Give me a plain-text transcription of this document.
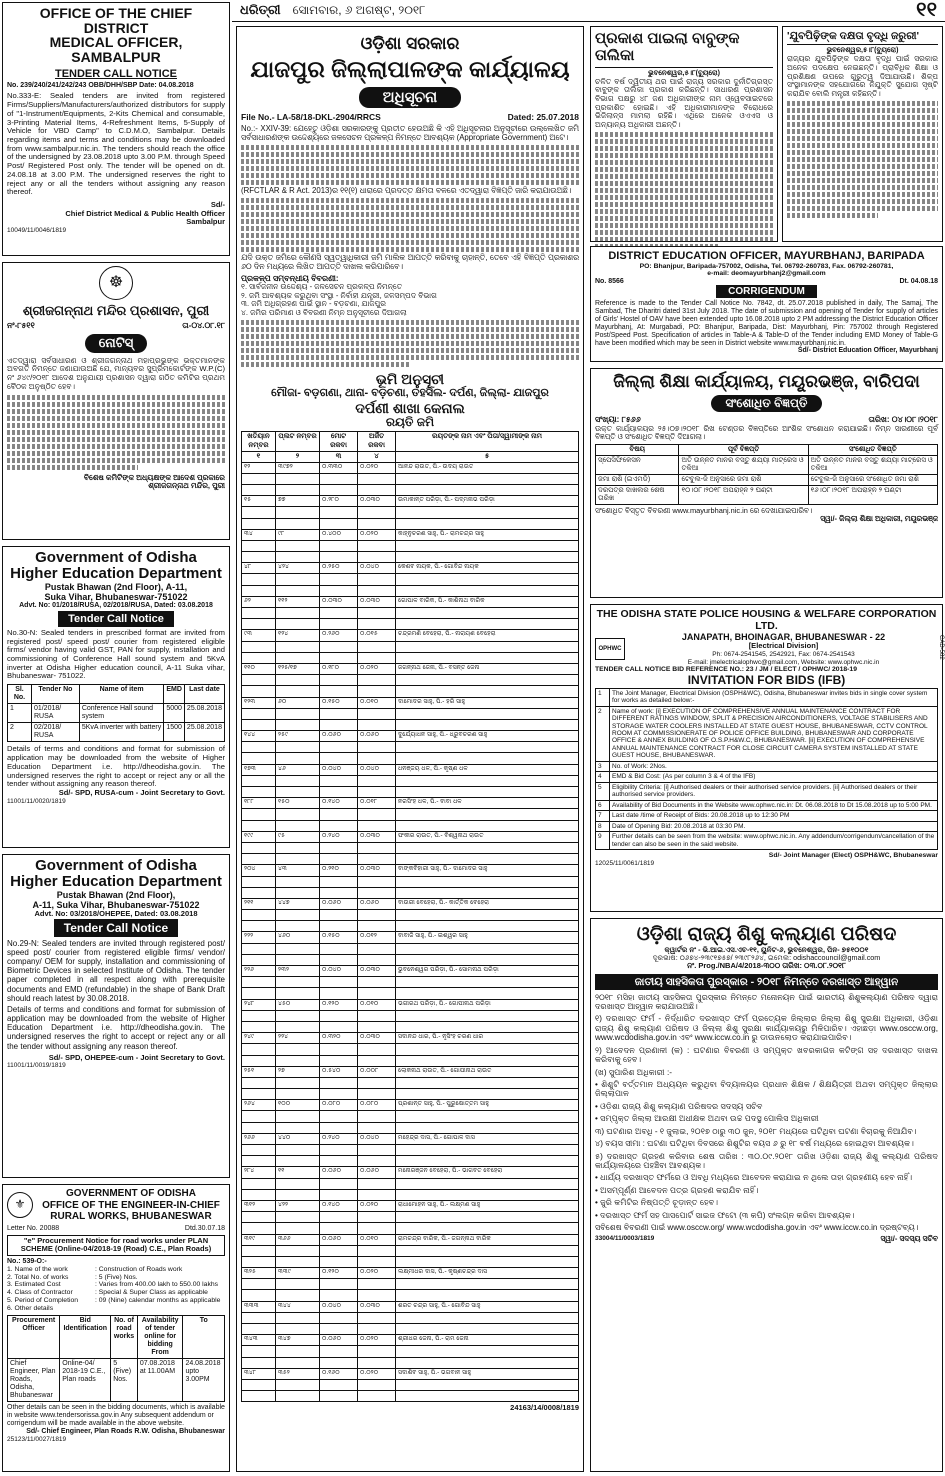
ଧରିତ୍ରୀ ସୋମବାର, ୬ ଅଗଷ୍ଟ, ୨୦୧୮	୧୧
OFFICE OF THE CHIEF DISTRICT
MEDICAL OFFICER, SAMBALPUR
TENDER CALL NOTICE
No. 239/240/241/242/243 OBB/DHH/SBP Date: 04.08.2018
No.333-E: Sealed tenders are invited from registered Firms/Suppliers/Manufacturers/authorized distributors for supply of "1-Instrument/Equipments, 2-Kits Chemical and consumable, 3-Printing Material Items, 4-Refreshment Items, 5-Supply of Vehicle for VBD Camp" to C.D.M.O, Sambalpur. Details regarding items and terms and conditions may be downloaded from www.sambalpur.nic.in. The tenders should reach the office of the undersigned by 23.08.2018 upto 3.00 P.M. through Speed Post/ Registered Post only. The tender will be opened on dt. 24.08.18 at 3.00 P.M. The undersigned reserves the right to reject any or all the tenders without assigning any reason thereof.
Sd/-
Chief District Medical & Public Health Officer
Sambalpur
10049/11/0046/1819
☸
ଶ୍ରୀଜଗନ୍ନାଥ ମନ୍ଦିର ପ୍ରଶାସନ, ପୁରୀ
ନଂ-୮୫୧୧	ତା-୦୪.୦୮.୧୮
ନୋଟିସ୍
ଏତଦ୍ୱାରା ସର୍ବସାଧାରଣ ଓ ଶ୍ରୀଜଗନ୍ନାଥ ମହାପ୍ରଭୁଙ୍କ ଭକ୍ତମାନଙ୍କ ଅବଗତି ନିମନ୍ତେ ଜଣାଯାଉଅଛି ଯେ, ମାନ୍ୟବର ସୁପ୍ରିମକୋର୍ଟଙ୍କ W.P.(C) ନଂ ୬୪୯/୨୦୧୮ ଆଦେଶ ଅନୁଯାୟୀ ପ୍ରଶାସନ ଦ୍ୱାରା ଗଠିତ କମିଟିର ପ୍ରଥମ ବୈଠକ ଅନୁଷ୍ଠିତ ହେବ।
ବିଶେଷ କମିଟିଙ୍କ ଅଧ୍ୟକ୍ଷଙ୍କ ଆଦେଶ ପ୍ରକାରେ
ଶ୍ରୀଜଗନ୍ନାଥ ମନ୍ଦିର, ପୁରୀ
Government of Odisha
Higher Education Department
Pustak Bhawan (2nd Floor), A-11,
Suka Vihar, Bhubaneswar-751022
Advt. No: 01/2018/RUSA, 02/2018/RUSA, Dated: 03.08.2018
Tender Call Notice
No.30-N: Sealed tenders in prescribed format are invited from registered post/ speed post/ courier from registered eligible firms/ vendor having valid GST, PAN for supply, installation and commissioning of Conference Hall sound system and 5KvA inverter at Odisha Higher education council, A-11 Suka vihar, Bhubaneswar- 751022.
Sl. No.	Tender No	Name of item	EMD	Last date
1	01/2018/ RUSA	Conference Hall sound system	5000	25.08.2018
2	02/2018/ RUSA	5KvA inverter with battery	1500	25.08.2018
Details of terms and conditions and format for submission of application may be downloaded from the website of Higher Education Department i.e. http://dheodisha.gov.in. The undersigned reserves the right to accept or reject any or all the tender without assigning any reason thereof.
Sd/- SPD, RUSA-cum - Joint Secretary to Govt.
11001/11/0020/1819
Government of Odisha
Higher Education Department
Pustak Bhawan (2nd Floor),
A-11, Suka Vihar, Bhubaneswar-751022
Advt. No: 03/2018/OHEPEE, Dated: 03.08.2018
Tender Call Notice
No.29-N: Sealed tenders are invited through registered post/ speed post/ courier from registered eligible firms/ vendor/ company/ OEM for supply, installation and commissioning of Biometric Devices in selected Institute of Odisha. The tender paper completed in all respect along with prerequisite documents and EMD (refundable) in the shape of Bank Draft should reach latest by 30.08.2018.
Details of terms and conditions and format for submission of application may be downloaded from the website of Higher Education Department i.e. http://dheodisha.gov.in. The undersigned reserves the right to accept or reject any or all the tender without assigning any reason thereof.
Sd/- SPD, OHEPEE-cum - Joint Secretary to Govt.
11001/11/0019/1819
⚜
GOVERNMENT OF ODISHA
OFFICE OF THE ENGINEER-IN-CHIEF
RURAL WORKS, BHUBANESWAR
Letter No. 20088	Dtd.30.07.18
"e" Procurement Notice for road works under PLAN SCHEME (Online-04/2018-19 (Road) C.E., Plan Roads)
No.: 539-O:-
1. Name of the work	: Construction of Roads work
2. Total No. of works	: 5 (Five) Nos.
3. Estimated Cost	: Varies from 400.00 lakh to 550.00 lakhs
4. Class of Contractor	: Special & Super Class as applicable
5. Period of Completion	: 09 (Nine) calendar months as applicable
6. Other details
Procurement Officer	Bid Identification	No. of road works	Availability of tender online for bidding From	To
Chief Engineer, Plan Roads, Odisha, Bhubaneswar	Online-04/ 2018-19 C.E., Plan roads	5 (Five) Nos.	07.08.2018 at 11.00AM	24.08.2018 upto 3.00PM
Other details can be seen in the bidding documents, which is available in website www.tendersorissa.gov.in Any subsequent addendum or corrigendum will be made available in the above website.
Sd/- Chief Engineer, Plan Roads R.W. Odisha, Bhubaneswar
25123/11/0027/1819
ଓଡ଼ିଶା ସରକାର
ଯାଜପୁର ଜିଲ୍ଲାପାଳଙ୍କ କାର୍ଯ୍ୟାଳୟ
ଅଧିସୂଚନା
File No.- LA-58/18-DKL-2904/RRCS	Dated: 25.07.2018
No.:- XXIV-39: ଯେହେତୁ ଓଡ଼ିଶା ସରକାରଙ୍କୁ ପ୍ରତୀତ ହେଉଅଛି କି ଏହି ଅଧିସୂଚନାର ଅନୁସୂଚୀରେ ଉଲ୍ଲେଖିତ ଜମି ସର୍ବସାଧାରଣଙ୍କ ଉଦ୍ଦେଶ୍ୟରେ ଜଳସେଚନ ପ୍ରକଳ୍ପ ନିମନ୍ତେ ଆବଶ୍ୟକ (Appropriate Government) ଅଟେ।
(RFCTLAR & R Act. 2013)ର ୧୧(୧) ଧାରାରେ ପ୍ରଦତ୍ତ କ୍ଷମତା ବଳରେ ଏତଦ୍ୱାରା ବିଜ୍ଞପ୍ତି ଜାରି କରାଯାଉଅଛି।
ଯଦି ଉକ୍ତ ଜମିରେ କୌଣସି ସ୍ୱତ୍ୱାଧିକାରୀ ଜମି ମାଲିକ ଆପତ୍ତି କରିବାକୁ ଚାହାନ୍ତି, ତେବେ ଏହି ବିଜ୍ଞପ୍ତି ପ୍ରକାଶର ୬୦ ଦିନ ମଧ୍ୟରେ ଲିଖିତ ଆପତ୍ତି ଦାଖଲ କରିପାରିବେ।
ପ୍ରକଳ୍ପ ସମ୍ବନ୍ଧୀୟ ବିବରଣୀ:
୧. ସାର୍ବଜନୀନ ଉଦ୍ଦେଶ୍ୟ - ଜଳସେଚନ ପ୍ରକଳ୍ପ ନିମନ୍ତେ
୨. ଜମି ଆବଶ୍ୟକ କରୁଥିବା ସଂସ୍ଥା - ନିର୍ବାହୀ ଯନ୍ତ୍ରୀ, ଜଳସମ୍ପଦ ବିଭାଗ
୩. ଜମି ଅଧିଗ୍ରହଣ ପାଇଁ ସ୍ଥାନ - ବଡ଼ଚଣା, ଯାଜପୁର
୪. ଜମିର ପରିମାଣ ଓ ବିବରଣୀ ନିମ୍ନ ଅନୁସୂଚୀରେ ଦିଆଗଲା
ଭୂମି ଅନୁସୂଚୀ
ମୌଜା- ବଡ଼ଗଣା, ଥାନା- ବଡ଼ଚଣା, ତହସିଲ- ଦର୍ପଣ, ଜିଲ୍ଲା- ଯାଜପୁର
ଦର୍ପଣୀ ଶାଖା କେନାଲ
ରୟତି ଜମି
ଖତିୟାନ ନମ୍ବର	ପ୍ଲଟ ନମ୍ବର	ମୋଟ ରକବା	ଅର୍ଜିତ ରକବା	ରୟତଙ୍କ ନାମ ଏବଂ ପିତା/ସ୍ୱାମୀଙ୍କ ନାମ
୧	୨	୩	୪	୫
୧୨	୩୯୭୨	୦.୩୩୦	୦.୦୨୦	ଆନନ୍ଦ ରାଉତ, ପି.- ଉଦୟ ରାଉତ

୧୫	୭୭	୦.୨୮୦	୦.୦୩୦	ଉମାକାନ୍ତ ପରିଡ଼ା, ପି.- ପଦ୍ମନାଭ ପରିଡ଼ା

୩୪	୯୮	୦.୪୦୦	୦.୦୨୦	କାହ୍ନୁଚରଣ ସାହୁ, ପି.- ରାମଚନ୍ଦ୍ର ସାହୁ

୪୮	୪୨୪	୦.୨୫୦	୦.୦୪୦	କେଶବ ନାୟକ, ପି.- ଗୋବିନ୍ଦ ନାୟକ

୬୨	୧୧୨	୦.୦୩୦	୦.୦୩୦	ଗୋପାଳ ବାରିକ, ପି.- କାଶିନାଥ ବାରିକ

୯୩	୧୨୪	୦.୨୬୦	୦.୦୧୫	ଚନ୍ଦ୍ରମଣି ବେହେରା, ପି.- ନାରାୟଣ ବେହେରା

୧୧୦	୧୨୫/୧୭	୦.୧୮୦	୦.୦୨୦	ଜଗନ୍ନାଥ ଜେନା, ପି.- ବସନ୍ତ ଜେନା

୧୨୩	୬୦	୦.୧୫୦	୦.୦୧୦	ଦାମୋଦର ସାହୁ, ପି.- ହରି ସାହୁ

୧୪୪	୨୫୯	୦.୦୬୦	୦.୦୬୦	ଦୁର୍ଯ୍ୟୋଧନ ସାହୁ, ପି.- ଧ୍ରୁବଚରଣ ସାହୁ

୧୭୩	୪୬	୦.୦୪୦	୦.୦୪୦	ଧନଞ୍ଜୟ ଧଳ, ପି.- କୃଷ୍ଣ ଧଳ

୧୮୮	୧୫୦	୦.୧୪୦	୦.୦୧୮	ନରସିଂହ ଧଳ, ପି.- ବାବା ଧଳ

୧୯୯	୯୫	୦.୨୪୦	୦.୦୩୦	ଫକୀର ରାଉତ, ପି.- ବିଶ୍ୱନାଥ ରାଉତ

୨୦୪	୪୩	୦.୨୧୦	୦.୦୩୦	ବାଙ୍କବିହାରୀ ସାହୁ, ପି.- ଦାମୋଦର ସାହୁ

୨୧୧	୪୪୭	୦.୦୬୦	୦.୦୬୦	ବାଉରୀ ବେହେରା, ପି.- କାର୍ତ୍ତିକ ବେହେରା

୨୨୨	୪୬୦	୦.୧୫୦	୦.୦୧୨	ବାବାଜି ସାହୁ, ପି.- ଇଶ୍ୱର ସାହୁ

୨୨୬	୨୩୨	୦.୦୪୦	୦.୦୩୦	ଭୁବନେଶ୍ୱର ପରିଡ଼ା, ପି.- ସୋମନାଥ ପରିଡ଼ା

୨୪୮	୪୫୦	୦.୧୨୦	୦.୦୧୦	ଭଗୀରଥ ପରିଡ଼ା, ପି.- ଗୋପୀନାଥ ପରିଡ଼ା

୨୪୯	୨୨୪	୦.୩୨୦	୦.୦୩୦	ସଦାନନ୍ଦ ଧାର, ପି.- ନୃସିଂହ ଚରଣ ଧାର

୨୫୧	୨୭	୦.୫୪୦	୦.୦୦୮	ଲୋକନାଥ ରାଉତ, ପି.- ଗୋପୀନାଥ ରାଉତ

୨୬୪	୧୦୦	୦.୦୮୦	୦.୦୮୦	ପ୍ରଶାନ୍ତ ସାହୁ, ପି.- ପୁରୁଷୋତ୍ତମ ସାହୁ

୨୬୬	୪୪୦	୦.୨୪୦	୦.୦୪୦	ମହେନ୍ଦ୍ର ଦାସ, ପି.- ଗୋପାଳ ଦାସ

୨୮୪	୧୧	୦.୦୬୦	୦.୦୬୦	ମନୋରଞ୍ଜନ ବେହେରା, ପି.- ଭାଗବତ ବେହେରା

୩୧୨	୪୨୨	୦.୧୪୦	୦.୦୨୦	ରାଧାମୋହନ ସାହୁ, ପି.- ଲକ୍ଷ୍ମଣ ସାହୁ

୩୧୯	୩୬୬	୦.୦୬୦	୦.୦୧୦	ରାମଚନ୍ଦ୍ର ବାରିକ, ପି.- ଜଗନ୍ନାଥ ବାରିକ

୩୨୫	୩୩୯	୦.୧୨୦	୦.୦୨୦	ଲକ୍ଷ୍ମୀଧର ଦାସ, ପି.- କୃଷ୍ଣଚନ୍ଦ୍ର ଦାସ

୩୩୩	୩୪୪	୦.୦୪୦	୦.୦୩୦	ଶରତ ଚନ୍ଦ୍ର ସାହୁ, ପି.- ଗୋବିନ୍ଦ ସାହୁ

୩୪୩	୩୪୭	୦.୦୬୦	୦.୦୨୦	ଶ୍ରୀଧର ଜେନା, ପି.- ରାମ ଜେନା

୩୪୮	୩୫୨	୦.୧୬୦	୦.୦୨୦	ସଦାଶିବ ସାହୁ, ପି.- ଭଗବାନ ସାହୁ

24163/14/0008/1819
ପ୍ରକାଶ ପାଇଲା ବାବୁଙ୍କ ତାଲିକା
ଭୁବନେଶ୍ୱର,୫।୮(ବ୍ୟୁରୋ)
ଚଳିତ ବର୍ଷ ଦ୍ୱିତୀୟ ଥର ପାଇଁ ରାଜ୍ୟ ସରକାର ଦୁର୍ନୀତିଗ୍ରସ୍ତ ବାବୁଙ୍କ ତାଲିକା ପ୍ରକାଶ କରିଛନ୍ତି। ସାଧାରଣ ପ୍ରଶାସନ ବିଭାଗ ପକ୍ଷରୁ ୪୮ ଜଣ ଅଧିକାରୀଙ୍କ ନାମ ଓ୍ୱେବସାଇଟରେ ପ୍ରକାଶିତ ହୋଇଛି। ଏହି ଅଧିକାରୀମାନଙ୍କ ବିରୋଧରେ ଭିଜିଲାନ୍ସ ମାମଲା ରହିଛି। ଏଥିରେ ଅନେକ ଓଏଏସ ଓ ଅନ୍ୟାନ୍ୟ ଅଧିକାରୀ ଅଛନ୍ତି।
'ଯୁବପିଢ଼ିଙ୍କ ଦକ୍ଷତା ବୃଦ୍ଧି ଜରୁରୀ'
ଭୁବନେଶ୍ୱର,୫।୮(ବ୍ୟୁରୋ)
ରାଜ୍ୟର ଯୁବପିଢ଼ିଙ୍କ ଦକ୍ଷତା ବୃଦ୍ଧି ପାଇଁ ସରକାର ଅନେକ ପଦକ୍ଷେପ ନେଇଛନ୍ତି। ପ୍ରାବିଧିକ ଶିକ୍ଷା ଓ ପ୍ରଶିକ୍ଷଣ ଉପରେ ଗୁରୁତ୍ୱ ଦିଆଯାଉଛି। ଶିଳ୍ପ ସଂସ୍ଥାମାନଙ୍କ ସହଯୋଗରେ ନିଯୁକ୍ତି ସୁଯୋଗ ସୃଷ୍ଟି କରାଯିବ ବୋଲି ମନ୍ତ୍ରୀ କହିଛନ୍ତି।
DISTRICT EDUCATION OFFICER, MAYURBHANJ, BARIPADA
PO: Bhanjpur, Baripada-757002, Odisha, Tel. 06792-260783, Fax. 06792-260781,
e-mail: deomayurbhanj2@gmail.com
No. 8566	Dt. 04.08.18
CORRIGENDUM
Reference is made to the Tender Call Notice No. 7842, dt. 25.07.2018 published in daily, The Samaj, The Sambad, The Dharitri dated 31st July 2018. The date of submission and opening of Tender for supply of articles of Girls' Hostel of OAV have been extended upto 16.08.2018 upto 2 PM addressing the District Education Officer Mayurbhanj, At: Murgabadi, PO: Bhanjpur, Baripada, Dist: Mayurbhanj, Pin: 757002 through Registered Post/Speed Post. Specification of articles in Table-A & Table-D of the Tender including EMD Money of Table-G have been modified which may be seen in District website www.mayurbhanj.nic.in.
Sd/- District Education Officer, Mayurbhanj
ଜିଲ୍ଲା ଶିକ୍ଷା କାର୍ଯ୍ୟାଳୟ, ମୟୂରଭଞ୍ଜ, ବାରିପଦା
ସଂଶୋଧିତ ବିଜ୍ଞପ୍ତି
ସଂଖ୍ୟା: ୮୫୬୬	ତାରିଖ: ୦୪।୦୮।୨୦୧୮
ଉକ୍ତ କାର୍ଯ୍ୟାଳୟର ୨୫।୦୭।୨୦୧୮ ରିଖ ଟେଣ୍ଡର ବିଜ୍ଞପ୍ତିରେ ଆଂଶିକ ସଂଶୋଧନ କରାଯାଇଛି। ନିମ୍ନ ସାରଣୀରେ ପୂର୍ବ ବିଜ୍ଞପ୍ତି ଓ ସଂଶୋଧିତ ବିଜ୍ଞପ୍ତି ଦିଆଗଲା।
ବିଷୟ	ପୂର୍ବ ବିଜ୍ଞପ୍ତି	ସଂଶୋଧିତ ବିଜ୍ଞପ୍ତି
ସ୍ପେସିଫିକେସନ	ଅତି ଉନ୍ନତ ମାନର ବସ୍ତୁ ଶଯ୍ୟା ମାଟ୍ରେସ ଓ ତକିଆ	ଅତି ଉନ୍ନତ ମାନର ବସ୍ତୁ ଶଯ୍ୟା ମାଟ୍ରେସ ଓ ତକିଆ
ଜମା ରାଶି (ଇଏମଡି)	ଟେବୁଲ-ଜି ଅନୁସାରେ ଜମା ରାଶି	ଟେବୁଲ-ଜି ଅନୁସାରେ ସଂଶୋଧିତ ଜମା ରାଶି
ଦରପତ୍ର ଦାଖଲର ଶେଷ ତାରିଖ	୧୦।୦୮।୨୦୧୮ ଅପରାହ୍ନ ୨ ଘଣ୍ଟା	୧୬।୦୮।୨୦୧୮ ଅପରାହ୍ନ ୨ ଘଣ୍ଟା
ସଂଶୋଧିତ ବିସ୍ତୃତ ବିବରଣୀ www.mayurbhanj.nic.in ରେ ଦେଖାଯାଇପାରିବ।
ସ୍ୱା/- ଜିଲ୍ଲା ଶିକ୍ଷା ଅଧିକାରୀ, ମୟୂରଭଞ୍ଜ
THE ODISHA STATE POLICE HOUSING & WELFARE CORPORATION LTD.
OPHWC
JANAPATH, BHOINAGAR, BHUBANESWAR - 22
[Electrical Division]
Ph: 0674-2541545, 2542921, Fax: 0674-2541543
E-mail: jmelectricalophwc@gmail.com, Website: www.ophwc.nic.in
TENDER CALL NOTICE BID REFERENCE NO.: 23 / JM / ELECT / OPHWC/ 2018-19
INVITATION FOR BIDS (IFB)
1	The Joint Manager, Electrical Division (OSPH&WC), Odisha, Bhubaneswar invites bids in single cover system for works as detailed below:-
2	Name of work: [i] EXECUTION OF COMPREHENSIVE ANNUAL MAINTENANCE CONTRACT FOR DIFFERENT RATINGS WINDOW, SPLIT & PRECISION AIRCONDITIONERS, VOLTAGE STABILISERS AND STORAGE WATER COOLERS INSTALLED AT STATE GUEST HOUSE, BHUBANESWAR, CCTV CONTROL ROOM AT COMMISSIONERATE OF POLICE OFFICE BUILDING, BHUBANESWAR AND CORPORATE OFFICE & ANNEX BUILDING OF O.S.P.H&W.C, BHUBANESWAR. [ii] EXECUTION OF COMPREHENSIVE ANNUAL MAINTENANCE CONTRACT FOR CLOSE CIRCUIT CAMERA SYSTEM INSTALLED AT STATE GUEST HOUSE, BHUBANESWAR.
3	No. of Work: 2Nos.
4	EMD & Bid Cost: (As per column 3 & 4 of the IFB)
5	Eligibility Criteria: [i] Authorised dealers or their authorised service providers. [ii] Authorised dealers or their authorised service providers.
6	Availability of Bid Documents in the Website www.ophwc.nic.in: Dt. 06.08.2018 to Dt 15.08.2018 up to 5:00 PM.
7	Last date /time of Receipt of Bids: 20.08.2018 up to 12:30 PM
8	Date of Opening Bid: 20.08.2018 at 03:30 PM.
9	Further details can be seen from the website: www.ophwc.nic.in. Any addendum/corrigendum/cancellation of the tender can also be seen in the said website.
Sd/- Joint Manager (Elect) OSPH&WC, Bhubaneswar
12025/11/0061/1819
CAD-582
ଓଡ଼ିଶା ରାଜ୍ୟ ଶିଶୁ କଲ୍ୟାଣ ପରିଷଦ
କ୍ୱାର୍ଟର ନଂ - ଭି.ଆଇ.ଏସ.ଏଚ-୧୧, ୟୁନିଟ-୬, ଭୁବନେଶ୍ୱର, ପିନ- ୭୫୧୦୦୧
ଦୂରଭାଷ: ୦୬୭୪-୨୩୯୧୭୫୭/ ୨୩୯୮୨୬୪, ଇମେଲ: odishaccouncil@gmail.com
ନଂ. Prog./NBA/4/2018-୩୦୦ ତାରିଖ: ୦୩.୦୮.୨୦୧୮
ଜାତୀୟ ସାହସିକତା ପୁରସ୍କାର - ୨୦୧୮ ନିମନ୍ତେ ଦରଖାସ୍ତ ଆହ୍ୱାନ
୨୦୧୮ ମସିହା ଜାତୀୟ ସାହସିକତା ପୁରସ୍କାର ନିମନ୍ତେ ମନୋନୟନ ପାଇଁ ଭାରତୀୟ ଶିଶୁକଲ୍ୟାଣ ପରିଷଦ ଦ୍ୱାରା ଦରଖାସ୍ତ ଆହ୍ୱାନ କରାଯାଉଅଛି।
୧) ଦରଖାସ୍ତ ଫର୍ମ - ନିର୍ଦ୍ଧାରିତ ଦରଖାସ୍ତ ଫର୍ମ ପ୍ରତ୍ୟେକ ଜିଲ୍ଲାର ଜିଲ୍ଲା ଶିଶୁ ସୁରକ୍ଷା ଅଧିକାରୀ, ଓଡ଼ିଶା ରାଜ୍ୟ ଶିଶୁ କଲ୍ୟାଣ ପରିଷଦ ଓ ଜିଲ୍ଲା ଶିଶୁ ସୁରକ୍ଷା କାର୍ଯ୍ୟାଳୟରୁ ମିଳିପାରିବ। ଏହାଛଡ଼ା www.osccw.org, www.wcdodisha.gov.in ଏବଂ www.iccw.co.in ରୁ ଡାଉନଲୋଡ କରାଯାଇପାରିବ।
୨) ଆବେଦନ ପ୍ରଣାଳୀ (କ) : ଘଟଣାର ବିବରଣୀ ଓ ସମ୍ପୃକ୍ତ ଖବରକାଗଜ କଟିଙ୍ଗ ସହ ଦରଖାସ୍ତ ଦାଖଲ କରିବାକୁ ହେବ।
(ଖ) ସୁପାରିଶ ଅଧିକାରୀ :-
• ଶିଶୁଟି ବର୍ତ୍ତମାନ ଅଧ୍ୟୟନ କରୁଥିବା ବିଦ୍ୟାଳୟର ପ୍ରଧାନ ଶିକ୍ଷକ / ଶିକ୍ଷୟିତ୍ରୀ ଅଥବା ସମ୍ପୃକ୍ତ ଜିଲ୍ଲାର ଜିଲ୍ଲାପାଳ
• ଓଡ଼ିଶା ରାଜ୍ୟ ଶିଶୁ କଲ୍ୟାଣ ପରିଷଦର ସଦସ୍ୟ ସଚିବ
• ସମ୍ପୃକ୍ତ ଜିଲ୍ଲା ଆରକ୍ଷୀ ଅଧୀକ୍ଷକ ଅଥବା ଉଚ୍ଚ ପଦସ୍ଥ ପୋଲିସ ଅଧିକାରୀ
୩) ଘଟଣାର ଅବଧି - ୧ ଜୁଲାଇ, ୨୦୧୭ ଠାରୁ ୩୦ ଜୁନ, ୨୦୧୮ ମଧ୍ୟରେ ଘଟିଥିବା ଘଟଣା ବିଚାରକୁ ନିଆଯିବ।
୪) ବୟସ ସୀମା : ଘଟଣା ଘଟିଥିବା ଦିବସରେ ଶିଶୁଟିର ବୟସ ୬ ରୁ ୧୮ ବର୍ଷ ମଧ୍ୟରେ ହୋଇଥିବା ଆବଶ୍ୟକ।
୫) ଦରଖାସ୍ତ ଗ୍ରହଣ କରିବାର ଶେଷ ତାରିଖ : ୩୦.୦୯.୨୦୧୮ ତାରିଖ ଓଡ଼ିଶା ରାଜ୍ୟ ଶିଶୁ କଲ୍ୟାଣ ପରିଷଦ କାର୍ଯ୍ୟାଳୟରେ ପହଞ୍ଚିବା ଆବଶ୍ୟକ।
• ଧାର୍ଯ୍ୟ ଦରଖାସ୍ତ ଫର୍ମରେ ଓ ଅବଧି ମଧ୍ୟରେ ଆବେଦନ କରାଯାଇ ନ ଥିଲେ ତାହା ଗ୍ରହଣୀୟ ହେବ ନାହିଁ।
• ଅସମ୍ପୂର୍ଣ୍ଣ ଆବେଦନ ପତ୍ର ଗ୍ରହଣ କରାଯିବ ନାହିଁ।
• ଜୁରି କମିଟିର ନିଷ୍ପତ୍ତି ଚୂଡ଼ାନ୍ତ ହେବ।
• ଦରଖାସ୍ତ ଫର୍ମ ସହ ପାସପୋର୍ଟ ସାଇଜ ଫଟୋ (୩ କପି) ସଂଲଗ୍ନ କରିବା ଆବଶ୍ୟକ।
ସବିଶେଷ ବିବରଣୀ ପାଇଁ www.osccw.org/ www.wcdodisha.gov.in ଏବଂ www.iccw.co.in ଦ୍ରଷ୍ଟବ୍ୟ।
33004/11/0003/1819	ସ୍ୱା/- ସଦସ୍ୟ ସଚିବ
